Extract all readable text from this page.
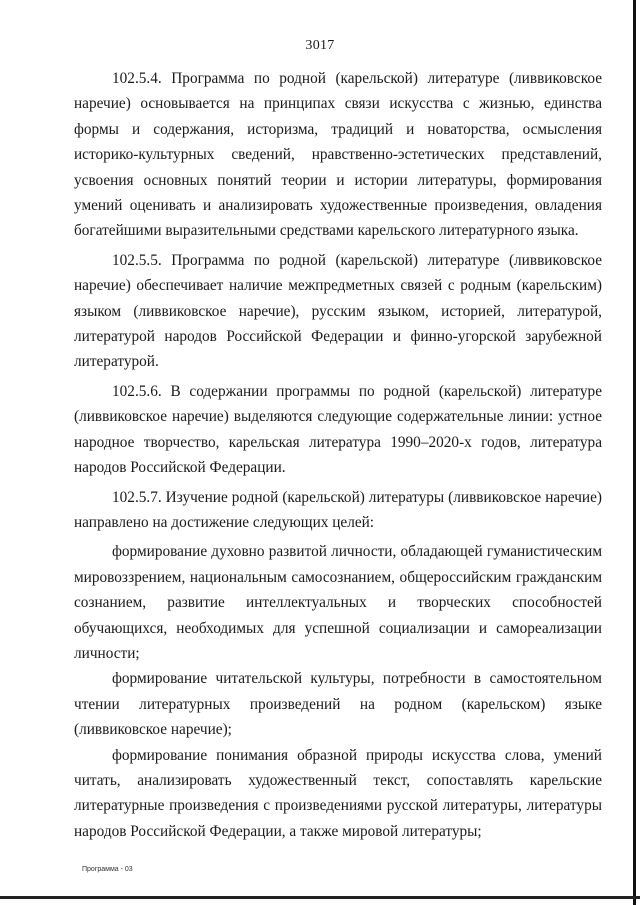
3017

102.5.4. Программа по родной (карельской) литературе (ливвиковское наречие) основывается на принципах связи искусства с жизнью, единства формы и содержания, историзма, традиций и новаторства, осмысления историко-культурных сведений, нравственно-эстетических представлений, усвоения основных понятий теории и истории литературы, формирования умений оценивать и анализировать художественные произведения, овладения богатейшими выразительными средствами карельского литературного языка.

102.5.5. Программа по родной (карельской) литературе (ливвиковское наречие) обеспечивает наличие межпредметных связей с родным (карельским) языком (ливвиковское наречие), русским языком, историей, литературой, литературой народов Российской Федерации и финно-угорской зарубежной литературой.

102.5.6. В содержании программы по родной (карельской) литературе (ливвиковское наречие) выделяются следующие содержательные линии: устное народное творчество, карельская литература 1990–2020-х годов, литература народов Российской Федерации.

102.5.7. Изучение родной (карельской) литературы (ливвиковское наречие) направлено на достижение следующих целей:

формирование духовно развитой личности, обладающей гуманистическим мировоззрением, национальным самосознанием, общероссийским гражданским сознанием, развитие интеллектуальных и творческих способностей обучающихся, необходимых для успешной социализации и самореализации личности;

формирование читательской культуры, потребности в самостоятельном чтении литературных произведений на родном (карельском) языке (ливвиковское наречие);

формирование понимания образной природы искусства слова, умений читать, анализировать художественный текст, сопоставлять карельские литературные произведения с произведениями русской литературы, литературы народов Российской Федерации, а также мировой литературы;

Программа - 03
